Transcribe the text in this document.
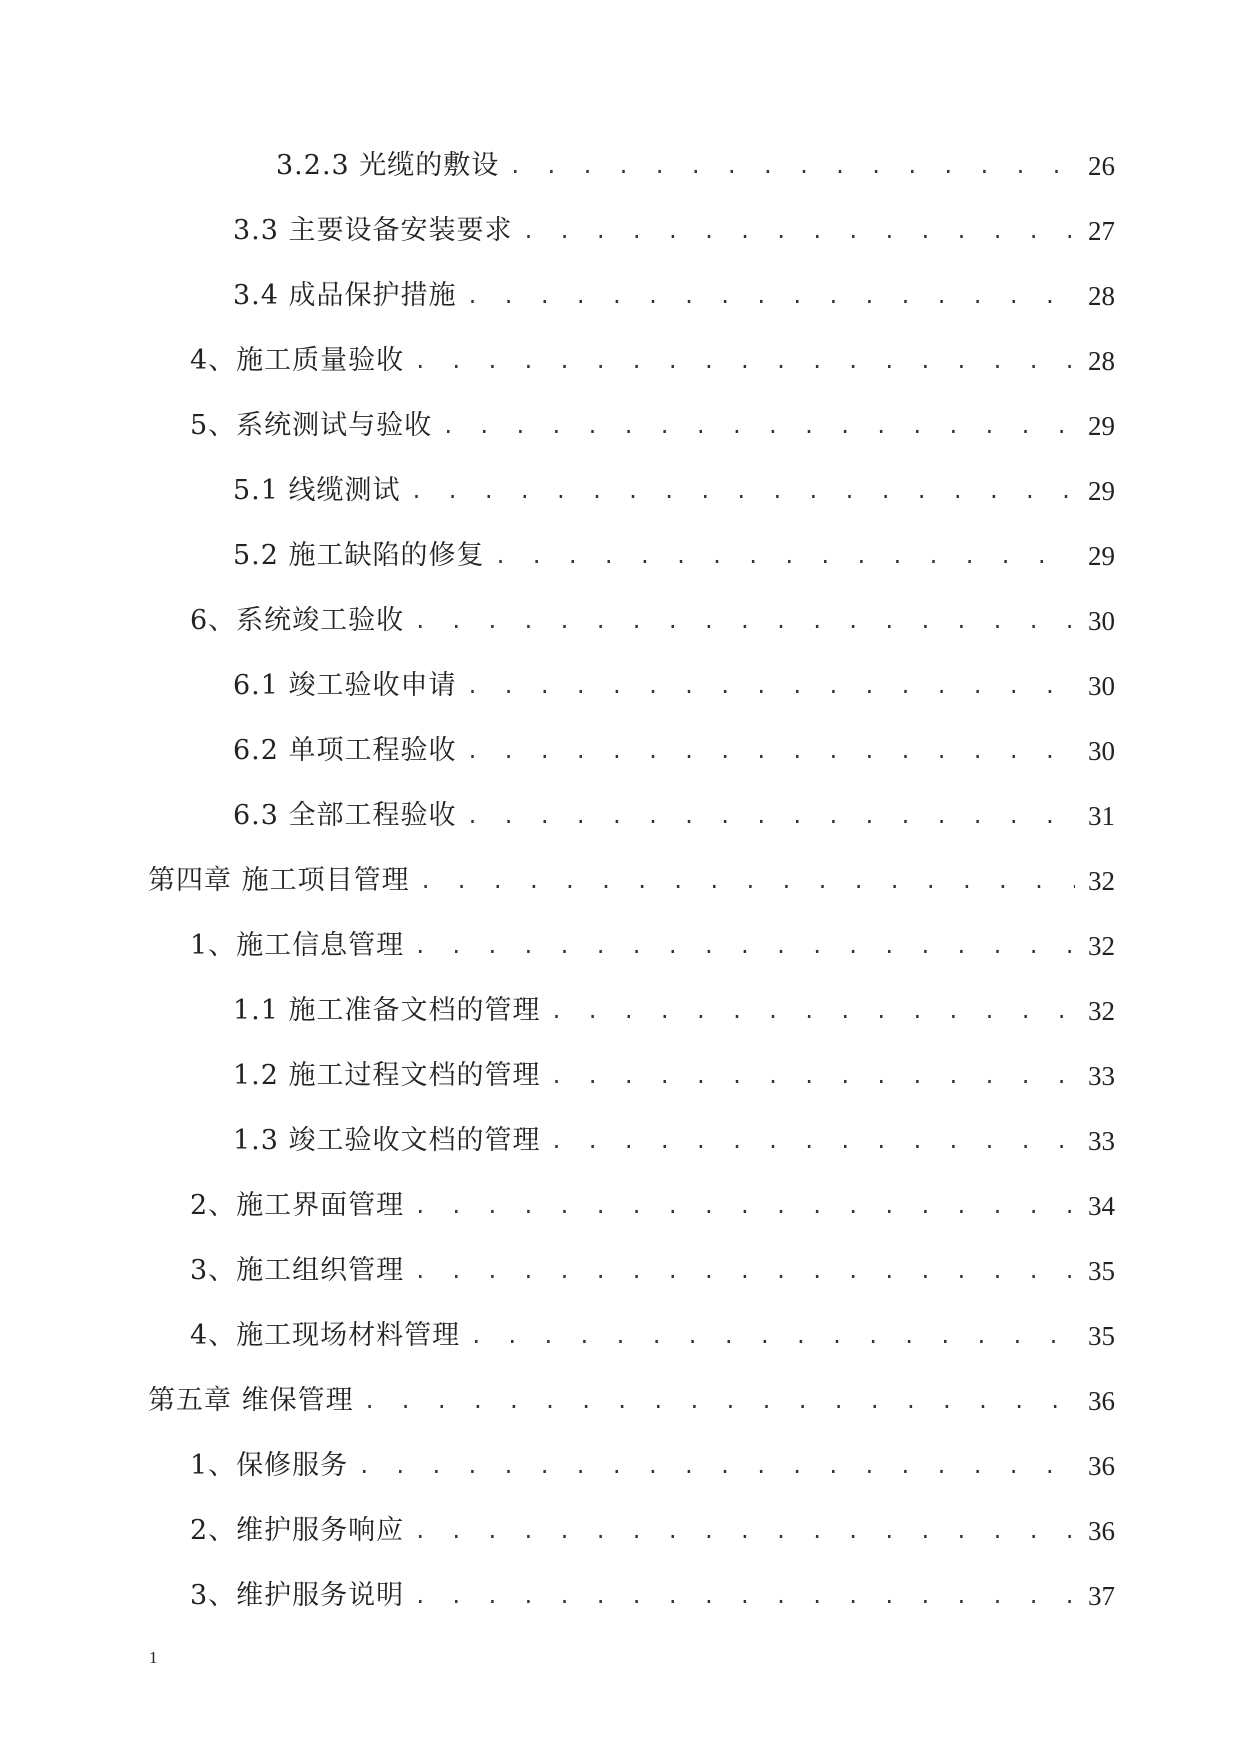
3.2.3 光缆的敷设 . . .	26
3.3 主要设备安装要求 . . .	27
3.4 成品保护措施 . . .	28
4、施工质量验收 . . .	28
5、系统测试与验收 . . .	29
5.1 线缆测试 . . .	29
5.2 施工缺陷的修复 . . .	29
6、系统竣工验收 . . .	30
6.1 竣工验收申请 . . .	30
6.2 单项工程验收 . . .	30
6.3 全部工程验收 . . .	31
第四章 施工项目管理 . . .	32
1、施工信息管理 . . .	32
1.1 施工准备文档的管理 . . .	32
1.2 施工过程文档的管理 . . .	33
1.3 竣工验收文档的管理 . . .	33
2、施工界面管理 . . .	34
3、施工组织管理 . . .	35
4、施工现场材料管理 . . .	35
第五章 维保管理 . . .	36
1、保修服务 . . .	36
2、维护服务响应 . . .	36
3、维护服务说明 . . .	37
1
